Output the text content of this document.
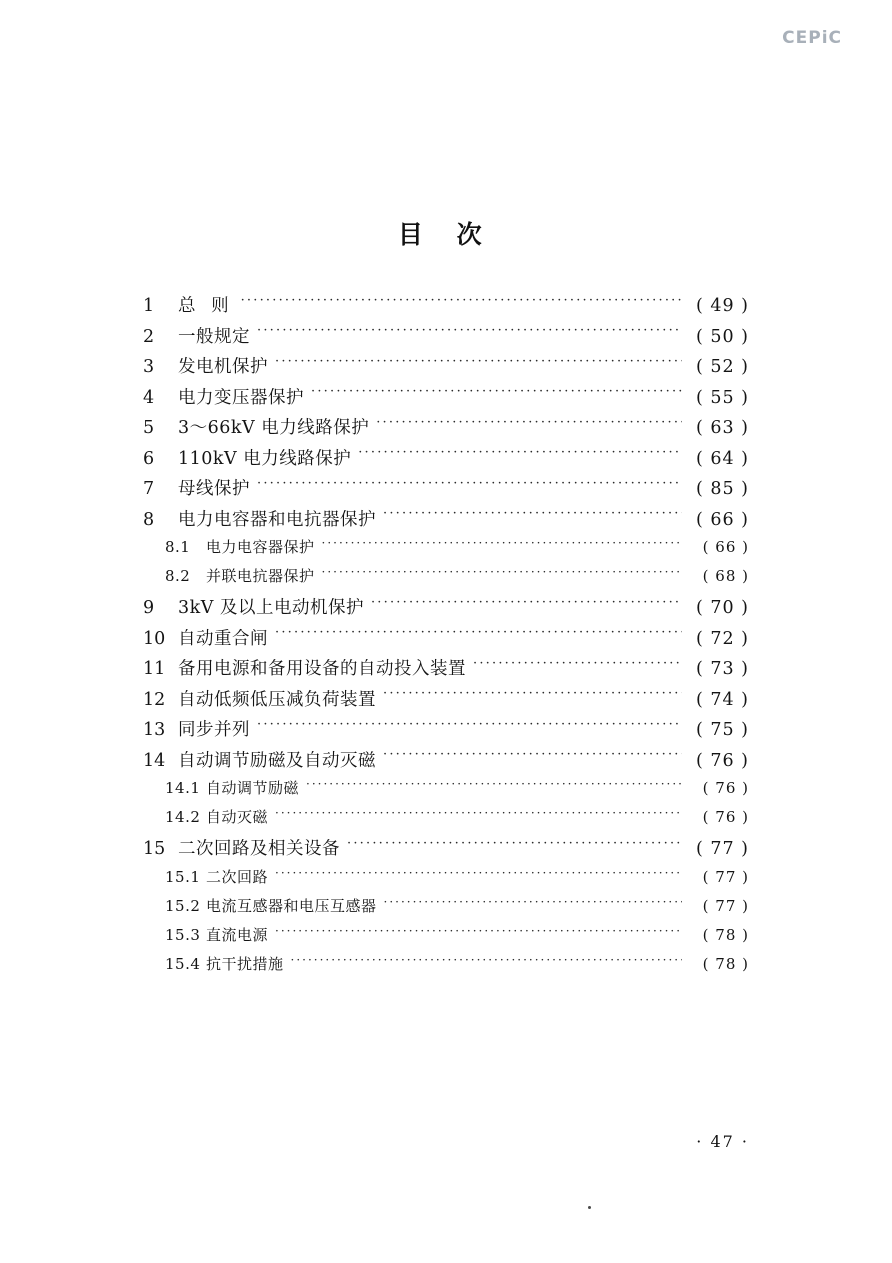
CEPiC
目 次
1	总 则 ·····	( 49 )
2	一般规定 ·····	( 50 )
3	发电机保护 ·····	( 52 )
4	电力变压器保护 ·····	( 55 )
5	3～66kV 电力线路保护 ·····	( 63 )
6	110kV 电力线路保护 ·····	( 64 )
7	母线保护 ·····	( 85 )
8	电力电容器和电抗器保护 ·····	( 66 )
8.1	电力电容器保护 ·····	( 66 )
8.2	并联电抗器保护 ·····	( 68 )
9	3kV 及以上电动机保护 ·····	( 70 )
10 自动重合闸 ·····	( 72 )
11 备用电源和备用设备的自动投入装置 ·····	( 73 )
12 自动低频低压减负荷装置 ·····	( 74 )
13 同步并列 ·····	( 75 )
14 自动调节励磁及自动灭磁 ·····	( 76 )
14.1 自动调节励磁 ·····	( 76 )
14.2 自动灭磁 ·····	( 76 )
15 二次回路及相关设备 ·····	( 77 )
15.1 二次回路 ·····	( 77 )
15.2 电流互感器和电压互感器 ·····	( 77 )
15.3 直流电源 ·····	( 78 )
15.4 抗干扰措施 ·····	( 78 )
· 47 ·
